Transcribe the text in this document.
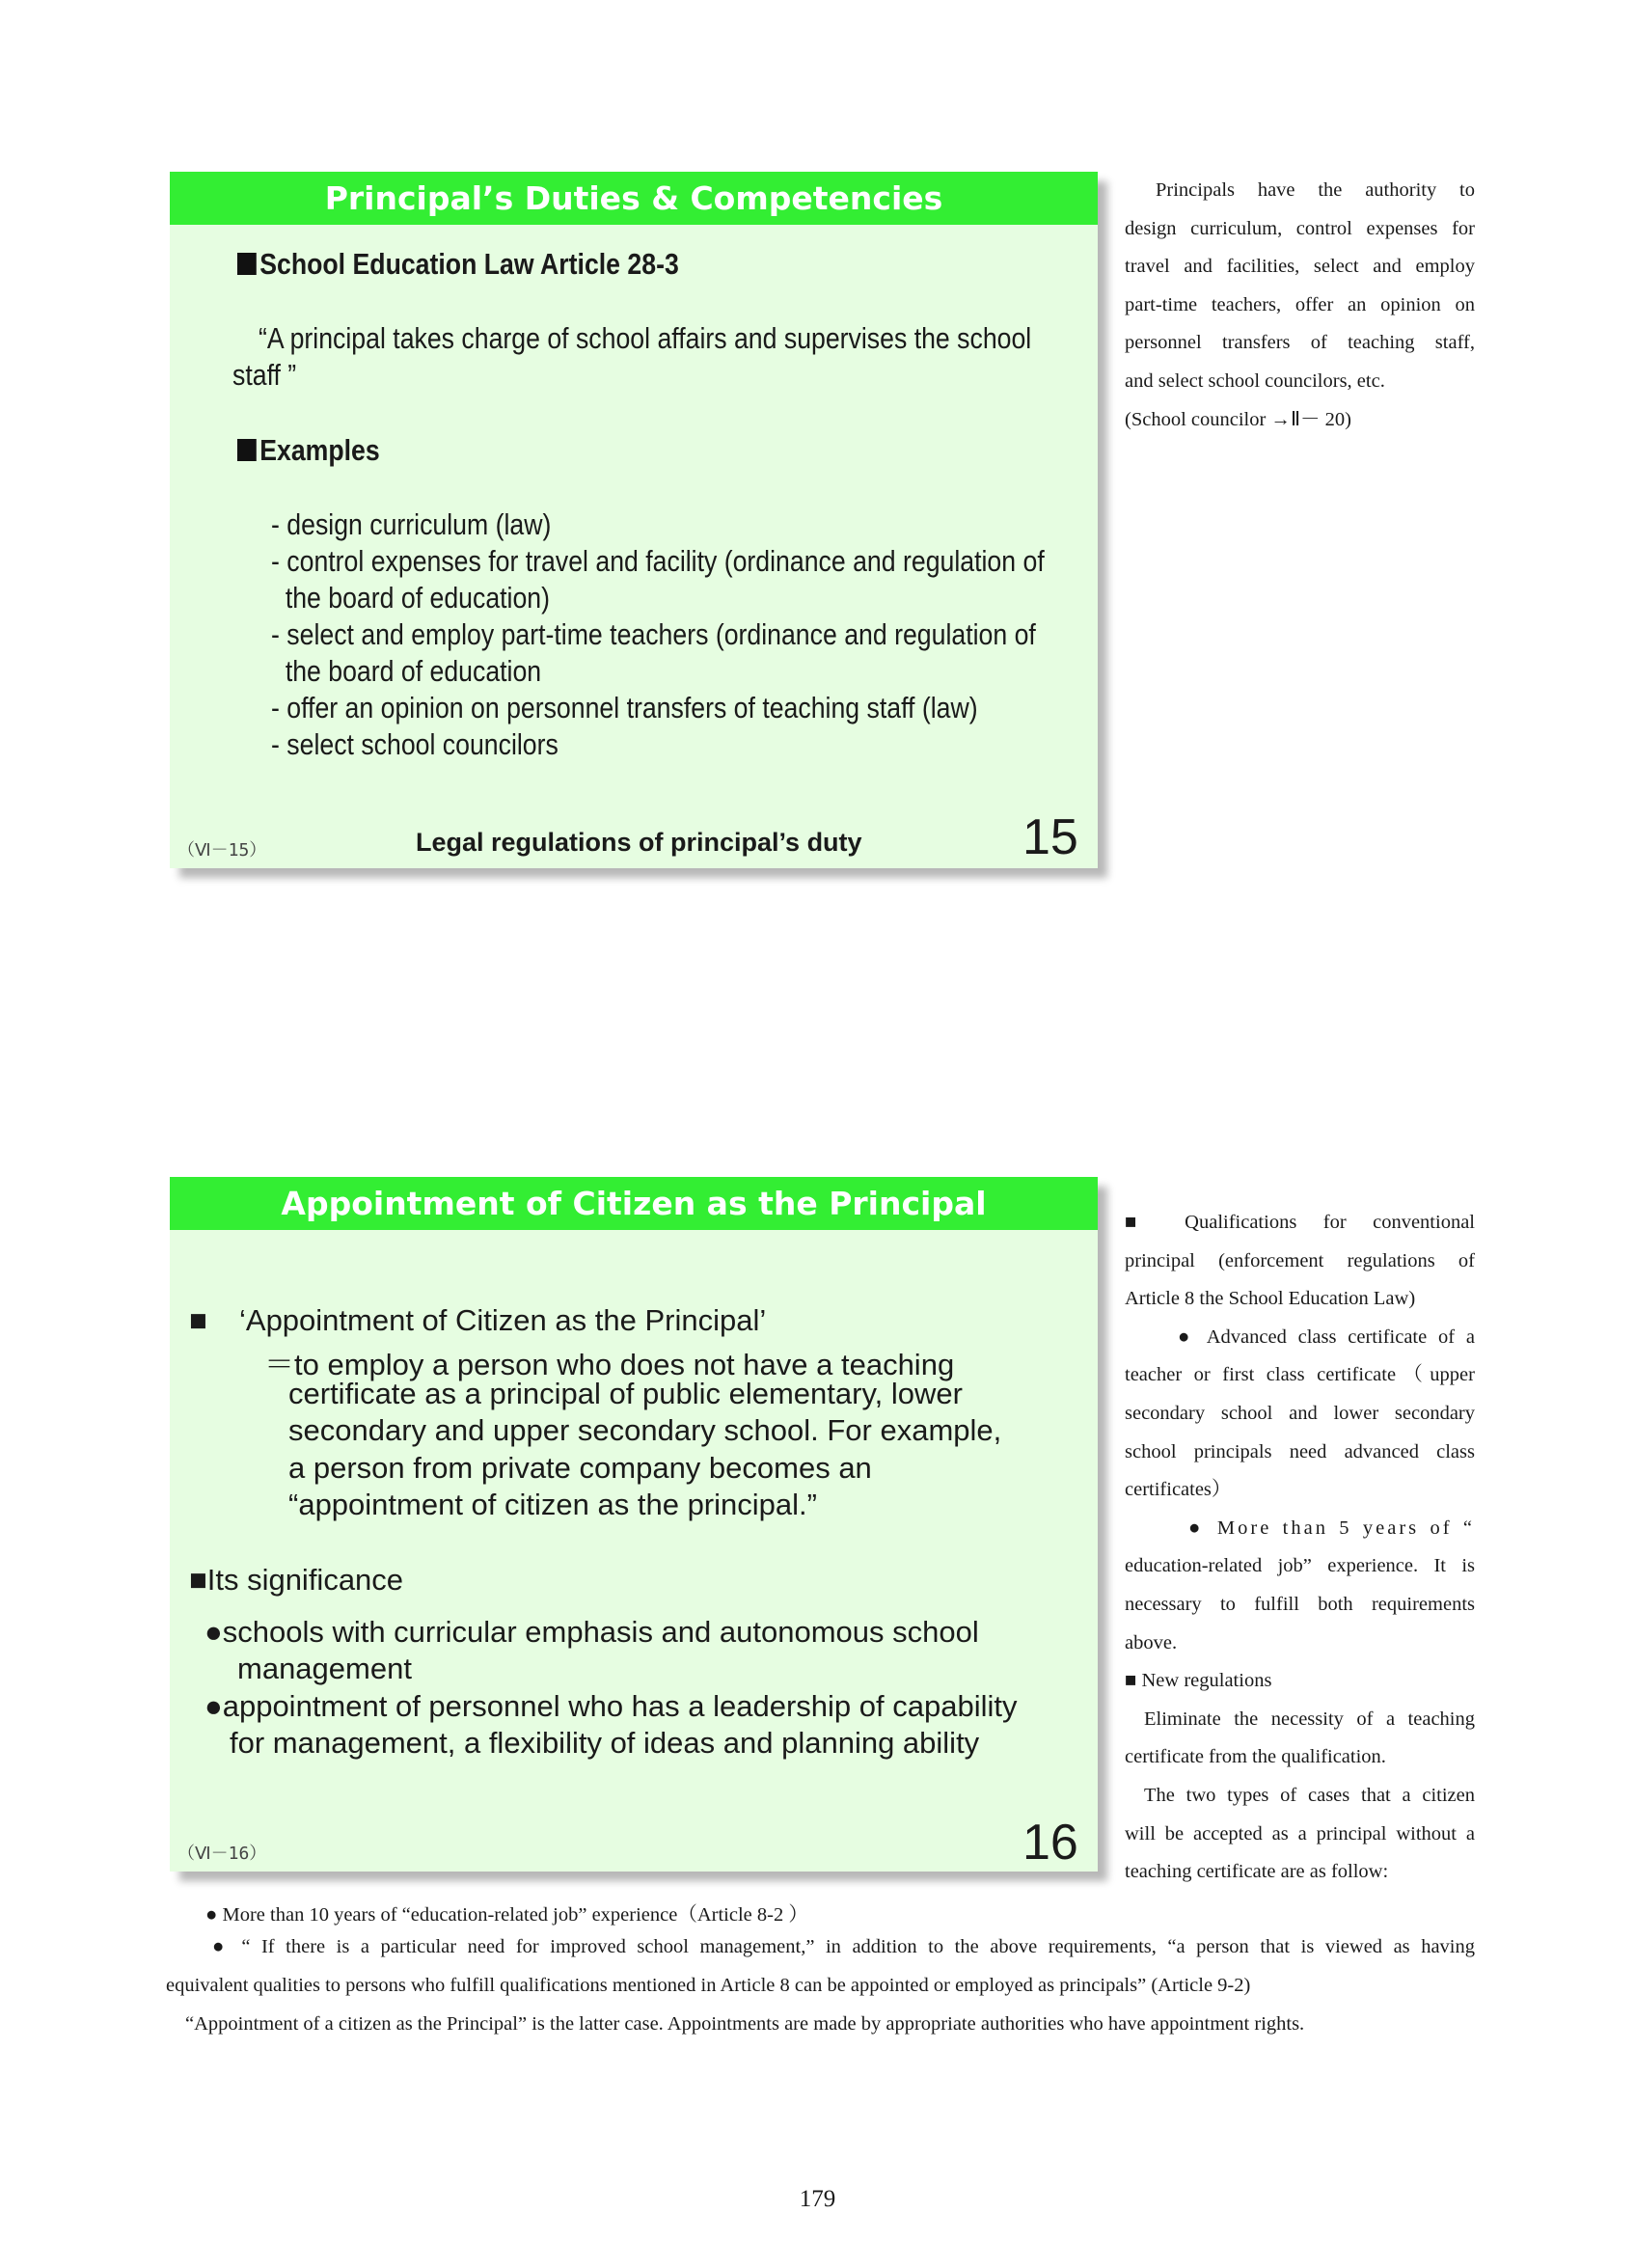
Principal’s Duties & Competencies
School Education Law Article 28-3
“A principal takes charge of school affairs and supervises the school
staff ”
Examples
- design curriculum (law)
- control expenses for travel and facility (ordinance and regulation of
the board of education)
- select and employ part-time teachers (ordinance and regulation of
the board of education
- offer an opinion on personnel transfers of teaching staff (law)
- select school councilors
（Ⅵ－15）	Legal regulations of principal’s duty	15
Principals have the authority to
design curriculum, control expenses for
travel and facilities, select and employ
part-time teachers, offer an opinion on
personnel transfers of teaching staff,
and select school councilors, etc.
(School councilor →Ⅱ－ 20)
Appointment of Citizen as the Principal
■ ‘Appointment of Citizen as the Principal’
＝to employ a person who does not have a teaching
certificate as a principal of public elementary, lower
secondary and upper secondary school. For example,
a person from private company becomes an
“appointment of citizen as the principal.”
■Its significance
●schools with curricular emphasis and autonomous school
management
●appointment of personnel who has a leadership of capability
for management, a flexibility of ideas and planning ability
（Ⅵ－16）	16
■ Qualifications for conventional
principal (enforcement regulations of
Article 8 the School Education Law)
● Advanced class certificate of a
teacher or first class certificate（upper
secondary school and lower secondary
school principals need advanced class
certificates）
● More than 5 years of “
education-related job” experience. It is
necessary to fulfill both requirements
above.
■ New regulations
Eliminate the necessity of a teaching
certificate from the qualification.
The two types of cases that a citizen
will be accepted as a principal without a
teaching certificate are as follow:
● More than 10 years of “education-related job” experience（Article 8-2 ）
● “ If there is a particular need for improved school management,” in addition to the above requirements, “a person that is viewed as having
equivalent qualities to persons who fulfill qualifications mentioned in Article 8 can be appointed or employed as principals” (Article 9-2)
“Appointment of a citizen as the Principal” is the latter case. Appointments are made by appropriate authorities who have appointment rights.
179
